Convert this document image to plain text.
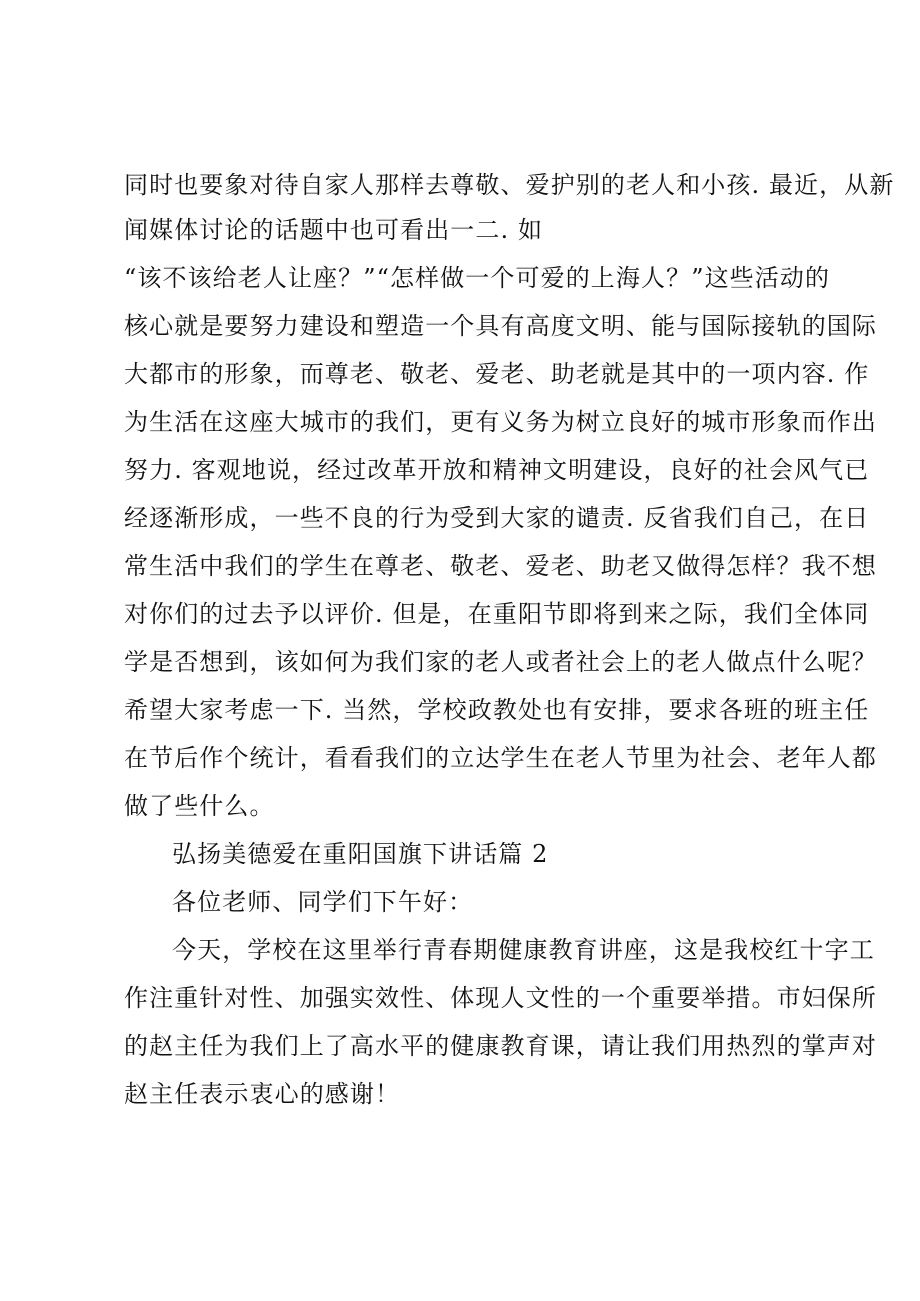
同时也要象对待自家人那样去尊敬、爱护别的老人和小孩. 最近，从新
闻媒体讨论的话题中也可看出一二. 如
“该不该给老人让座？”“怎样做一个可爱的上海人？”这些活动的
核心就是要努力建设和塑造一个具有高度文明、能与国际接轨的国际
大都市的形象，而尊老、敬老、爱老、助老就是其中的一项内容. 作
为生活在这座大城市的我们，更有义务为树立良好的城市形象而作出
努力. 客观地说，经过改革开放和精神文明建设，良好的社会风气已
经逐渐形成，一些不良的行为受到大家的谴责. 反省我们自己，在日
常生活中我们的学生在尊老、敬老、爱老、助老又做得怎样？我不想
对你们的过去予以评价. 但是，在重阳节即将到来之际，我们全体同
学是否想到，该如何为我们家的老人或者社会上的老人做点什么呢？
希望大家考虑一下. 当然，学校政教处也有安排，要求各班的班主任
在节后作个统计，看看我们的立达学生在老人节里为社会、老年人都
做了些什么。
弘扬美德爱在重阳国旗下讲话篇 2
各位老师、同学们下午好：
今天，学校在这里举行青春期健康教育讲座，这是我校红十字工
作注重针对性、加强实效性、体现人文性的一个重要举措。市妇保所
的赵主任为我们上了高水平的健康教育课，请让我们用热烈的掌声对
赵主任表示衷心的感谢！
